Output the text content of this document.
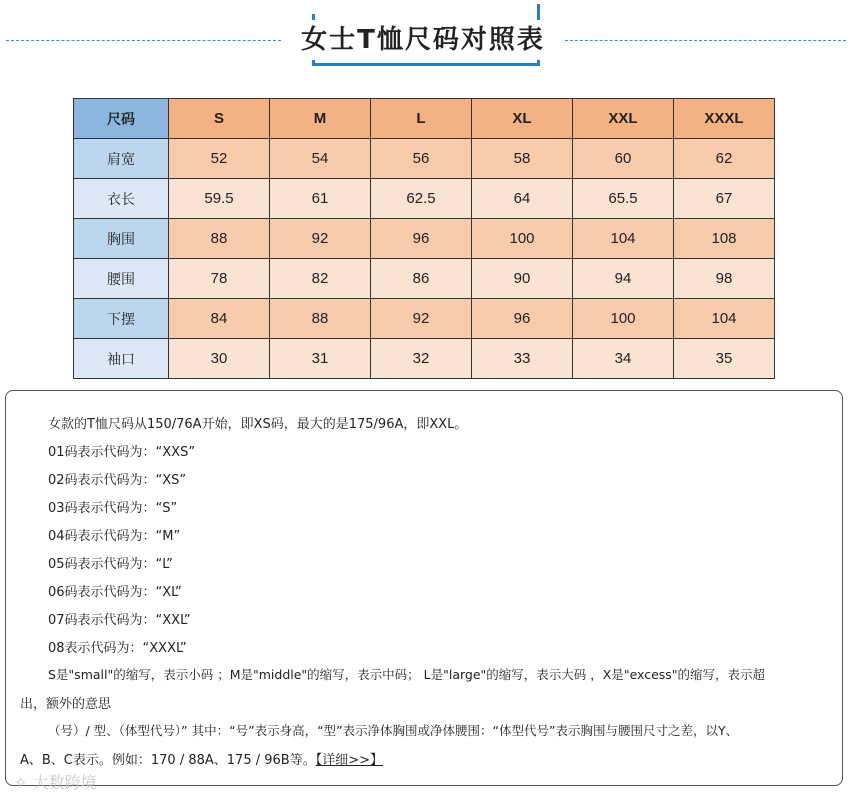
女士T恤尺码对照表
尺码	S	M	L	XL	XXL	XXXL
肩宽	52	54	56	58	60	62
衣长	59.5	61	62.5	64	65.5	67
胸围	88	92	96	100	104	108
腰围	78	82	86	90	94	98
下摆	84	88	92	96	100	104
袖口	30	31	32	33	34	35

女款的T恤尺码从150/76A开始，即XS码，最大的是175/96A，即XXL。

01码表示代码为：“XXS”

02码表示代码为：“XS”

03码表示代码为：“S”

04码表示代码为：“M”

05码表示代码为：“L”

06码表示代码为：“XL”

07码表示代码为：“XXL”

08表示代码为：“XXXL”

S是"small"的缩写，表示小码 ；M是"middle"的缩写，表示中码； L是"large"的缩写，表示大码 ，X是"excess"的缩写，表示超

出，额外的意思

（号）/ 型、（体型代号）” 其中：“号”表示身高，“型”表示净体胸围或净体腰围：“体型代号”表示胸围与腰围尺寸之差，以Y、

A、B、C表示。例如：170 / 88A、175 / 96B等。【详细>>】

✧ 大数跨境
